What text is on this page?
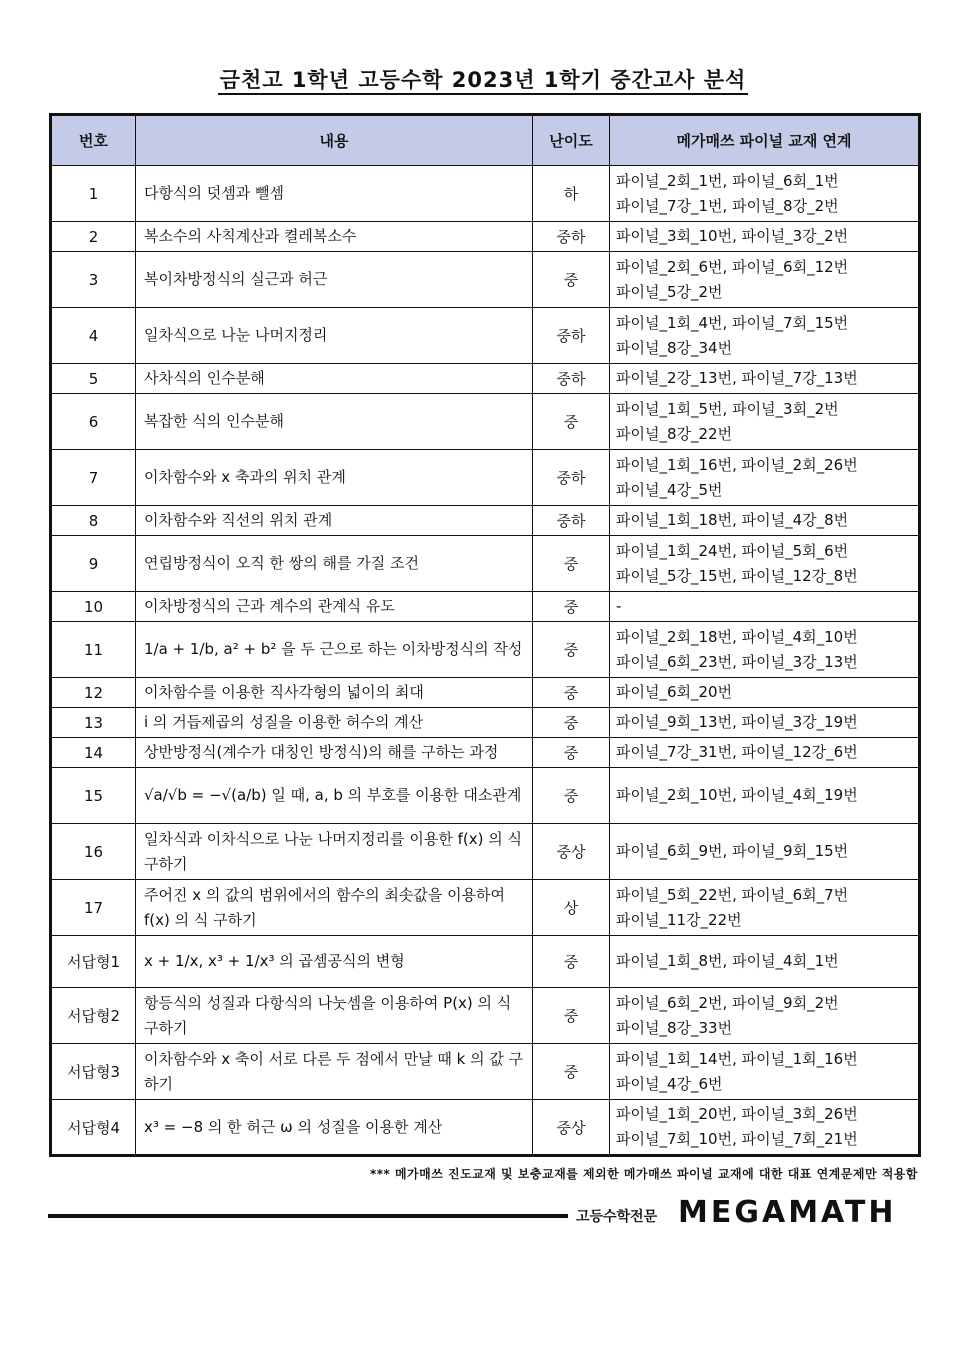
금천고 1학년 고등수학 2023년 1학기 중간고사 분석
번호	내용	난이도	메가매쓰 파이널 교재 연계
1	다항식의 덧셈과 뺄셈	하	파이널_2회_1번, 파이널_6회_1번
파이널_7강_1번, 파이널_8강_2번

2	복소수의 사칙계산과 켤레복소수	중하	파이널_3회_10번, 파이널_3강_2번

3	복이차방정식의 실근과 허근	중	파이널_2회_6번, 파이널_6회_12번
파이널_5강_2번

4	일차식으로 나눈 나머지정리	중하	파이널_1회_4번, 파이널_7회_15번
파이널_8강_34번

5	사차식의 인수분해	중하	파이널_2강_13번, 파이널_7강_13번

6	복잡한 식의 인수분해	중	파이널_1회_5번, 파이널_3회_2번
파이널_8강_22번

7	이차함수와 x 축과의 위치 관계	중하	파이널_1회_16번, 파이널_2회_26번
파이널_4강_5번

8	이차함수와 직선의 위치 관계	중하	파이널_1회_18번, 파이널_4강_8번

9	연립방정식이 오직 한 쌍의 해를 가질 조건	중	파이널_1회_24번, 파이널_5회_6번
파이널_5강_15번, 파이널_12강_8번

10	이차방정식의 근과 계수의 관계식 유도	중	-

11	1/a + 1/b, a² + b² 을 두 근으로 하는 이차방정식의 작성	중	파이널_2회_18번, 파이널_4회_10번
파이널_6회_23번, 파이널_3강_13번

12	이차함수를 이용한 직사각형의 넓이의 최대	중	파이널_6회_20번

13	i 의 거듭제곱의 성질을 이용한 허수의 계산	중	파이널_9회_13번, 파이널_3강_19번

14	상반방정식(계수가 대칭인 방정식)의 해를 구하는 과정	중	파이널_7강_31번, 파이널_12강_6번

15	√a/√b = −√(a/b) 일 때, a, b 의 부호를 이용한 대소관계	중	파이널_2회_10번, 파이널_4회_19번

16	일차식과 이차식으로 나눈 나머지정리를 이용한 f(x) 의 식 구하기	중상	파이널_6회_9번, 파이널_9회_15번

17	주어진 x 의 값의 범위에서의 함수의 최솟값을 이용하여 f(x) 의 식 구하기	상	파이널_5회_22번, 파이널_6회_7번
파이널_11강_22번

서답형1	x + 1/x, x³ + 1/x³ 의 곱셈공식의 변형	중	파이널_1회_8번, 파이널_4회_1번

서답형2	항등식의 성질과 다항식의 나눗셈을 이용하여 P(x) 의 식 구하기	중	파이널_6회_2번, 파이널_9회_2번
파이널_8강_33번

서답형3	이차함수와 x 축이 서로 다른 두 점에서 만날 때 k 의 값 구하기	중	파이널_1회_14번, 파이널_1회_16번
파이널_4강_6번

서답형4	x³ = −8 의 한 허근 ω 의 성질을 이용한 계산	중상	파이널_1회_20번, 파이널_3회_26번
파이널_7회_10번, 파이널_7회_21번
*** 메가매쓰 진도교재 및 보충교재를 제외한 메가매쓰 파이널 교재에 대한 대표 연계문제만 적용함
고등수학전문 MEGAMATH
